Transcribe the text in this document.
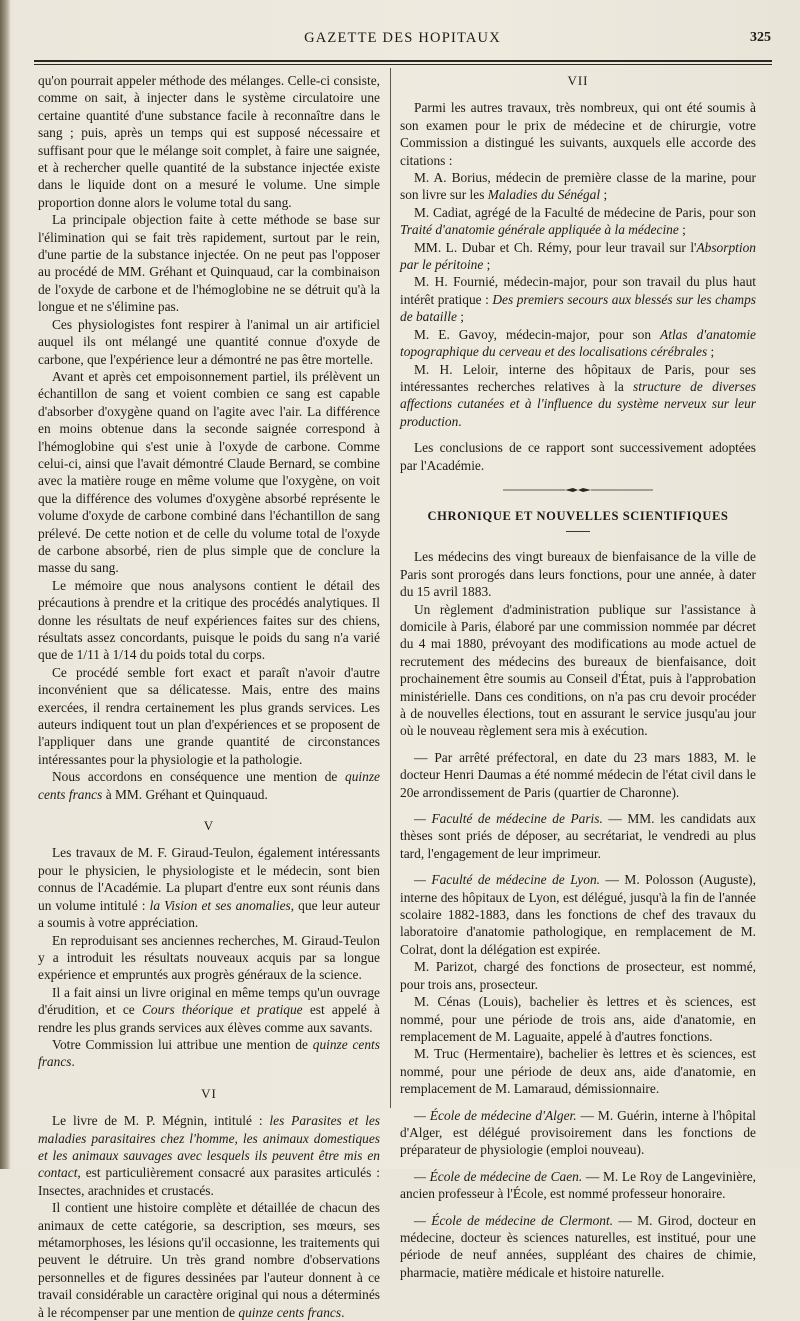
GAZETTE DES HOPITAUX	325

qu'on pourrait appeler méthode des mélanges. Celle-ci consiste, comme on sait, à injecter dans le système circulatoire une certaine quantité d'une substance facile à reconnaître dans le sang ; puis, après un temps qui est supposé nécessaire et suffisant pour que le mélange soit complet, à faire une saignée, et à rechercher quelle quantité de la substance injectée existe dans le liquide dont on a mesuré le volume. Une simple proportion donne alors le volume total du sang.

La principale objection faite à cette méthode se base sur l'élimination qui se fait très rapidement, surtout par le rein, d'une partie de la substance injectée. On ne peut pas l'opposer au procédé de MM. Gréhant et Quinquaud, car la combinaison de l'oxyde de carbone et de l'hémoglobine ne se détruit qu'à la longue et ne s'élimine pas.

Ces physiologistes font respirer à l'animal un air artificiel auquel ils ont mélangé une quantité connue d'oxyde de carbone, que l'expérience leur a démontré ne pas être mortelle.

Avant et après cet empoisonnement partiel, ils prélèvent un échantillon de sang et voient combien ce sang est capable d'absorber d'oxygène quand on l'agite avec l'air. La différence en moins obtenue dans la seconde saignée correspond à l'hémoglobine qui s'est unie à l'oxyde de carbone. Comme celui-ci, ainsi que l'avait démontré Claude Bernard, se combine avec la matière rouge en même volume que l'oxygène, on voit que la différence des volumes d'oxygène absorbé représente le volume d'oxyde de carbone combiné dans l'échantillon de sang prélevé. De cette notion et de celle du volume total de l'oxyde de carbone absorbé, rien de plus simple que de conclure la masse du sang.

Le mémoire que nous analysons contient le détail des précautions à prendre et la critique des procédés analytiques. Il donne les résultats de neuf expériences faites sur des chiens, résultats assez concordants, puisque le poids du sang n'a varié que de 1/11 à 1/14 du poids total du corps.

Ce procédé semble fort exact et paraît n'avoir d'autre inconvénient que sa délicatesse. Mais, entre des mains exercées, il rendra certainement les plus grands services. Les auteurs indiquent tout un plan d'expériences et se proposent de l'appliquer dans une grande quantité de circonstances intéressantes pour la physiologie et la pathologie.

Nous accordons en conséquence une mention de quinze cents francs à MM. Gréhant et Quinquaud.

V

Les travaux de M. F. Giraud-Teulon, également intéressants pour le physicien, le physiologiste et le médecin, sont bien connus de l'Académie. La plupart d'entre eux sont réunis dans un volume intitulé : la Vision et ses anomalies, que leur auteur a soumis à votre appréciation.

En reproduisant ses anciennes recherches, M. Giraud-Teulon y a introduit les résultats nouveaux acquis par sa longue expérience et empruntés aux progrès généraux de la science.

Il a fait ainsi un livre original en même temps qu'un ouvrage d'érudition, et ce Cours théorique et pratique est appelé à rendre les plus grands services aux élèves comme aux savants.

Votre Commission lui attribue une mention de quinze cents francs.

VI

Le livre de M. P. Mégnin, intitulé : les Parasites et les maladies parasitaires chez l'homme, les animaux domestiques et les animaux sauvages avec lesquels ils peuvent être mis en contact, est particulièrement consacré aux parasites articulés : Insectes, arachnides et crustacés.

Il contient une histoire complète et détaillée de chacun des animaux de cette catégorie, sa description, ses mœurs, ses métamorphoses, les lésions qu'il occasionne, les traitements qui peuvent le détruire. Un très grand nombre d'observations personnelles et de figures dessinées par l'auteur donnent à ce travail considérable un caractère original qui nous a déterminés à le récompenser par une mention de quinze cents francs.

VII

Parmi les autres travaux, très nombreux, qui ont été soumis à son examen pour le prix de médecine et de chirurgie, votre Commission a distingué les suivants, auxquels elle accorde des citations :

M. A. Borius, médecin de première classe de la marine, pour son livre sur les Maladies du Sénégal ;

M. Cadiat, agrégé de la Faculté de médecine de Paris, pour son Traité d'anatomie générale appliquée à la médecine ;

MM. L. Dubar et Ch. Rémy, pour leur travail sur l'Absorption par le péritoine ;

M. H. Fournié, médecin-major, pour son travail du plus haut intérêt pratique : Des premiers secours aux blessés sur les champs de bataille ;

M. E. Gavoy, médecin-major, pour son Atlas d'anatomie topographique du cerveau et des localisations cérébrales ;

M. H. Leloir, interne des hôpitaux de Paris, pour ses intéressantes recherches relatives à la structure de diverses affections cutanées et à l'influence du système nerveux sur leur production.

Les conclusions de ce rapport sont successivement adoptées par l'Académie.

CHRONIQUE ET NOUVELLES SCIENTIFIQUES

Les médecins des vingt bureaux de bienfaisance de la ville de Paris sont prorogés dans leurs fonctions, pour une année, à dater du 15 avril 1883.

Un règlement d'administration publique sur l'assistance à domicile à Paris, élaboré par une commission nommée par décret du 4 mai 1880, prévoyant des modifications au mode actuel de recrutement des médecins des bureaux de bienfaisance, doit prochainement être soumis au Conseil d'État, puis à l'approbation ministérielle. Dans ces conditions, on n'a pas cru devoir procéder à de nouvelles élections, tout en assurant le service jusqu'au jour où le nouveau règlement sera mis à exécution.

— Par arrêté préfectoral, en date du 23 mars 1883, M. le docteur Henri Daumas a été nommé médecin de l'état civil dans le 20e arrondissement de Paris (quartier de Charonne).

— Faculté de médecine de Paris. — MM. les candidats aux thèses sont priés de déposer, au secrétariat, le vendredi au plus tard, l'engagement de leur imprimeur.

— Faculté de médecine de Lyon. — M. Polosson (Auguste), interne des hôpitaux de Lyon, est délégué, jusqu'à la fin de l'année scolaire 1882-1883, dans les fonctions de chef des travaux du laboratoire d'anatomie pathologique, en remplacement de M. Colrat, dont la délégation est expirée.

M. Parizot, chargé des fonctions de prosecteur, est nommé, pour trois ans, prosecteur.

M. Cénas (Louis), bachelier ès lettres et ès sciences, est nommé, pour une période de trois ans, aide d'anatomie, en remplacement de M. Laguaite, appelé à d'autres fonctions.

M. Truc (Hermentaire), bachelier ès lettres et ès sciences, est nommé, pour une période de deux ans, aide d'anatomie, en remplacement de M. Lamaraud, démissionnaire.

— École de médecine d'Alger. — M. Guérin, interne à l'hôpital d'Alger, est délégué provisoirement dans les fonctions de préparateur de physiologie (emploi nouveau).

— École de médecine de Caen. — M. Le Roy de Langevinière, ancien professeur à l'École, est nommé professeur honoraire.

— École de médecine de Clermont. — M. Girod, docteur en médecine, docteur ès sciences naturelles, est institué, pour une période de neuf années, suppléant des chaires de chimie, pharmacie, matière médicale et histoire naturelle.
